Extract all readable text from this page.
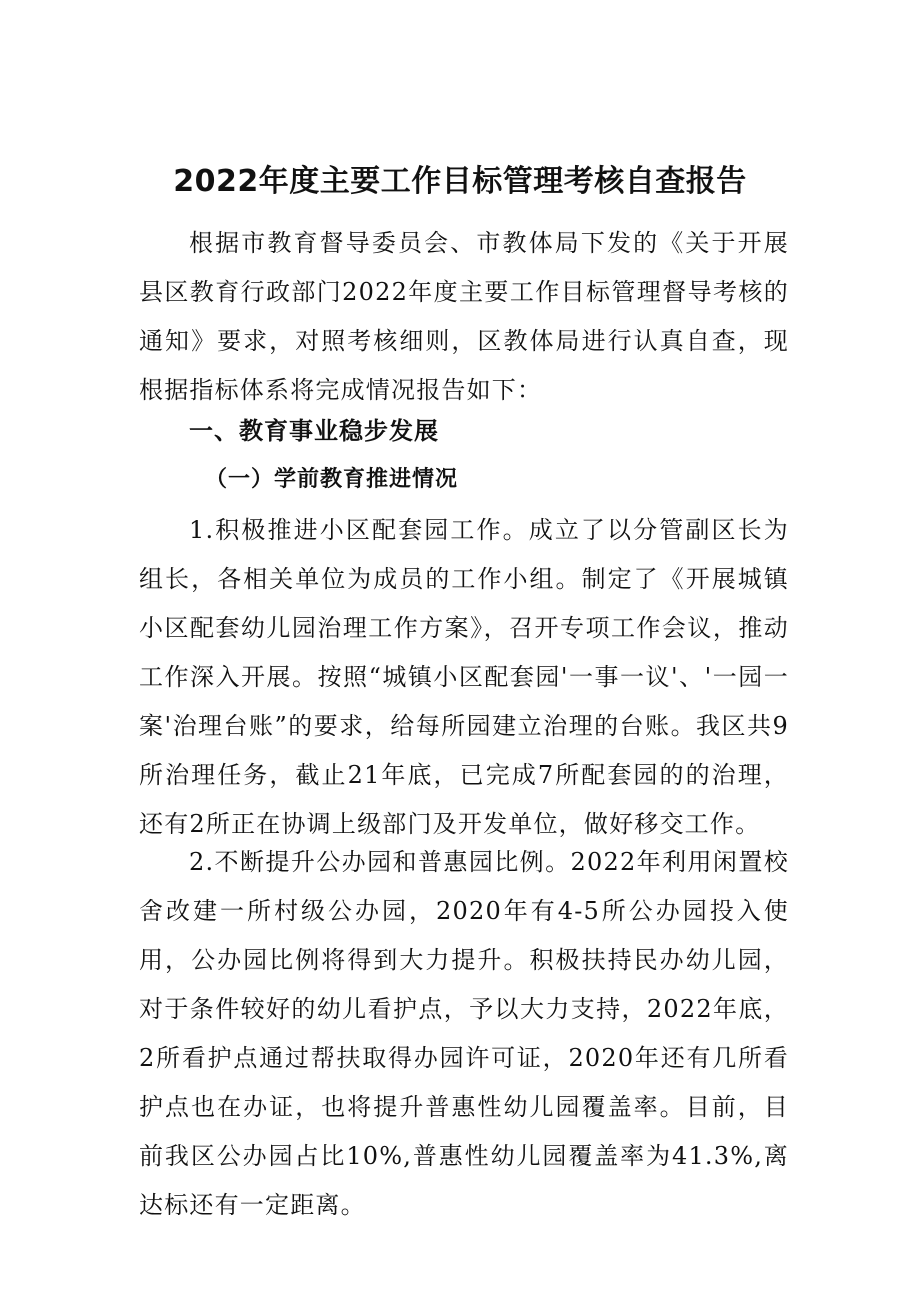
2022年度主要工作目标管理考核自查报告

根据市教育督导委员会、市教体局下发的《关于开展县区教育行政部门2022年度主要工作目标管理督导考核的通知》要求，对照考核细则，区教体局进行认真自查，现根据指标体系将完成情况报告如下：

一、教育事业稳步发展
（一）学前教育推进情况

1.积极推进小区配套园工作。成立了以分管副区长为组长，各相关单位为成员的工作小组。制定了《开展城镇小区配套幼儿园治理工作方案》，召开专项工作会议，推动工作深入开展。按照“城镇小区配套园'一事一议'、'一园一案'治理台账”的要求，给每所园建立治理的台账。我区共9所治理任务，截止21年底，已完成7所配套园的的治理，还有2所正在协调上级部门及开发单位，做好移交工作。

2.不断提升公办园和普惠园比例。2022年利用闲置校舍改建一所村级公办园，2020年有4-5所公办园投入使用，公办园比例将得到大力提升。积极扶持民办幼儿园，对于条件较好的幼儿看护点，予以大力支持，2022年底，2所看护点通过帮扶取得办园许可证，2020年还有几所看护点也在办证，也将提升普惠性幼儿园覆盖率。目前，目前我区公办园占比10%,普惠性幼儿园覆盖率为41.3%,离达标还有一定距离。
